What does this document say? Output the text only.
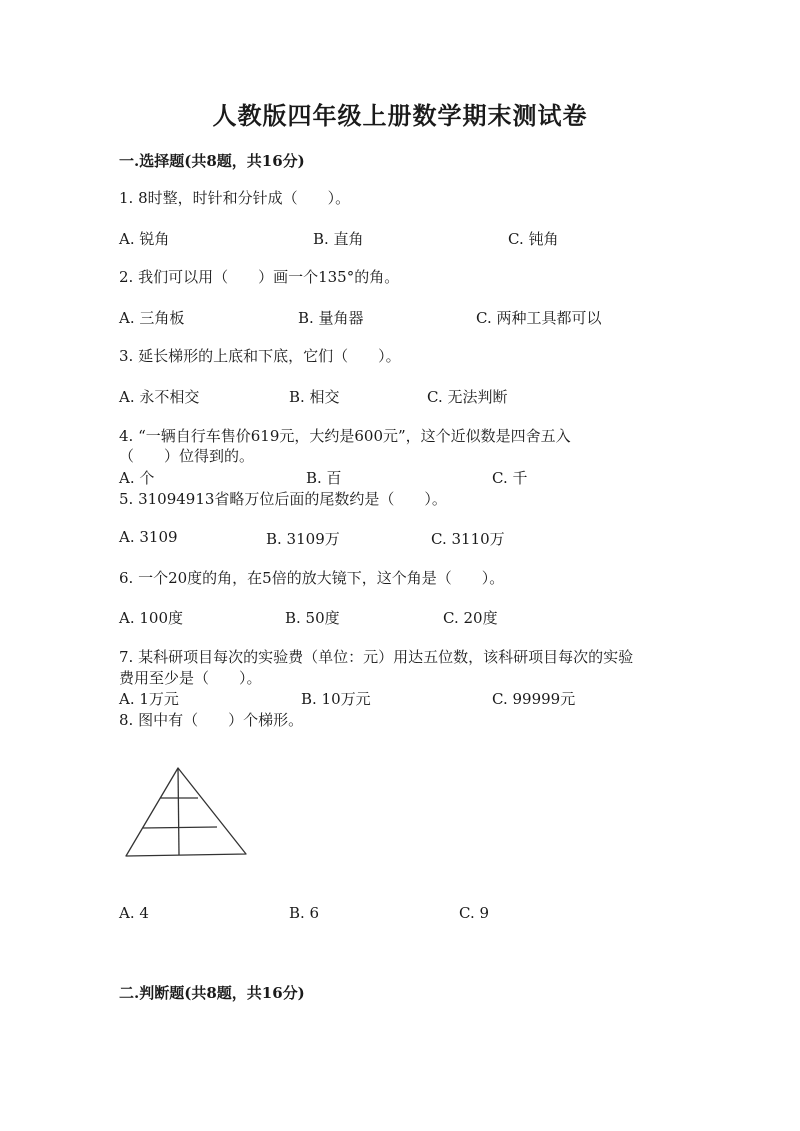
人教版四年级上册数学期末测试卷
一.选择题(共8题，共16分)
1. 8时整，时针和分针成（　　）。
A. 锐角	B. 直角	C. 钝角
2. 我们可以用（　　）画一个135°的角。
A. 三角板	B. 量角器	C. 两种工具都可以
3. 延长梯形的上底和下底，它们（　　）。
A. 永不相交	B. 相交	C. 无法判断
4. “一辆自行车售价619元，大约是600元”，这个近似数是四舍五入
（　　）位得到的。
A. 个	B. 百	C. 千
5. 31094913省略万位后面的尾数约是（　　）。
A. 3109	B. 3109万	C. 3110万
6. 一个20度的角，在5倍的放大镜下，这个角是（　　）。
A. 100度	B. 50度	C. 20度
7. 某科研项目每次的实验费（单位：元）用达五位数，该科研项目每次的实验
费用至少是（　　）。
A. 1万元	B. 10万元	C. 99999元
8. 图中有（　　）个梯形。
A. 4	B. 6	C. 9
二.判断题(共8题，共16分)
